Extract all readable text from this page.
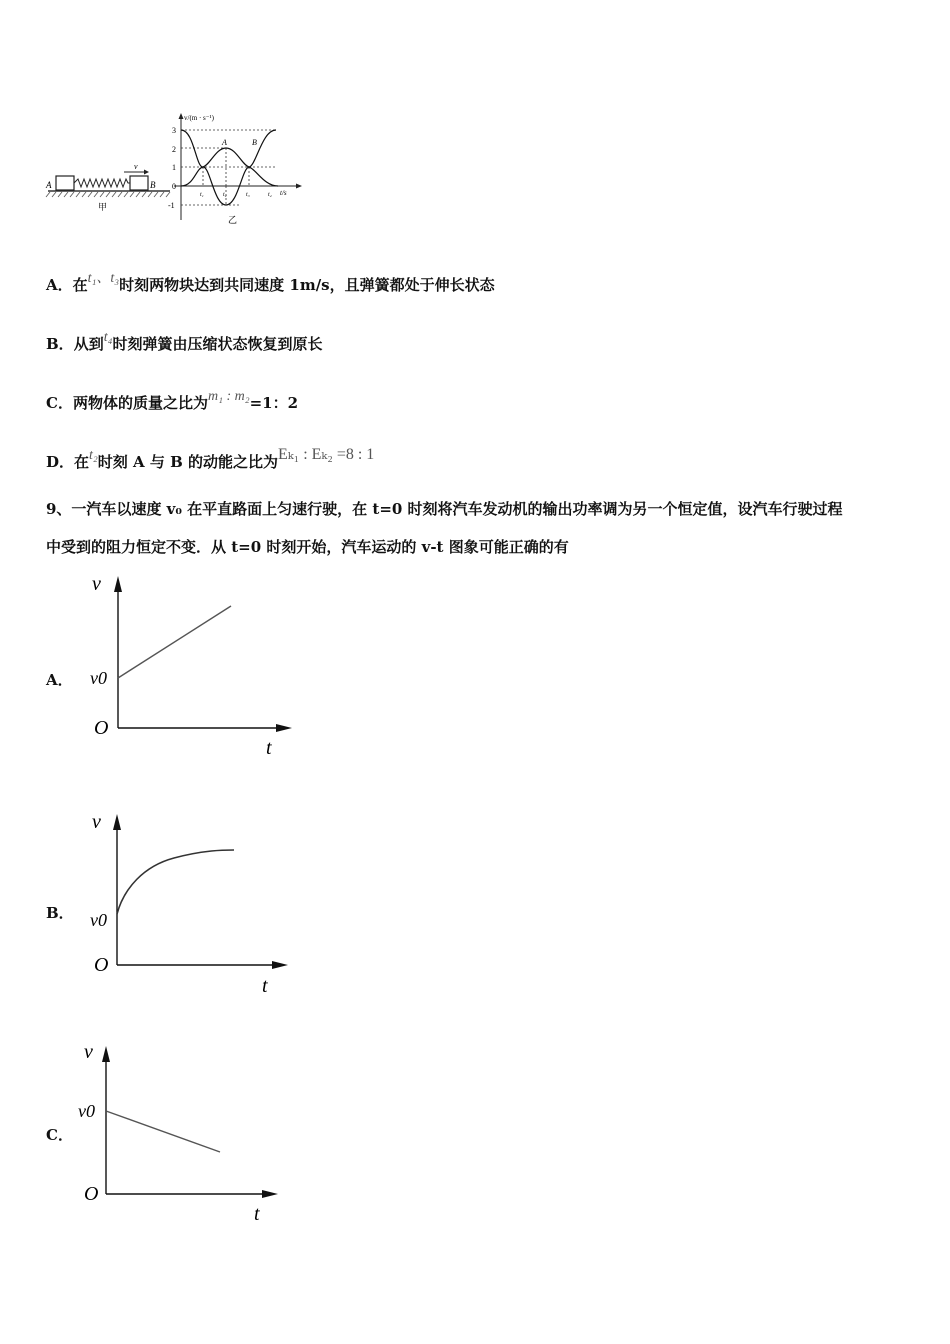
A	B
v
甲
v/(m · s⁻¹)
t/s
3
2
1
0
-1
A	B
t₁	t₂	t₃	t₄
乙
A．在t₁、t₃时刻两物块达到共同速度 1m/s，且弹簧都处于伸长状态
B．从到t₄时刻弹簧由压缩状态恢复到原长
C．两物体的质量之比为m₁ : m₂=1：2
D．在t₂时刻 A 与 B 的动能之比为Eₖ₁ : Eₖ₂ =8 : 1
9、一汽车以速度 v₀ 在平直路面上匀速行驶，在 t=0 时刻将汽车发动机的输出功率调为另一个恒定值，设汽车行驶过程
中受到的阻力恒定不变．从 t=0 时刻开始，汽车运动的 v-t 图象可能正确的有
A．
v
t
O
v0
B．
v
t
O
v0
C．
v
t
O
v0
